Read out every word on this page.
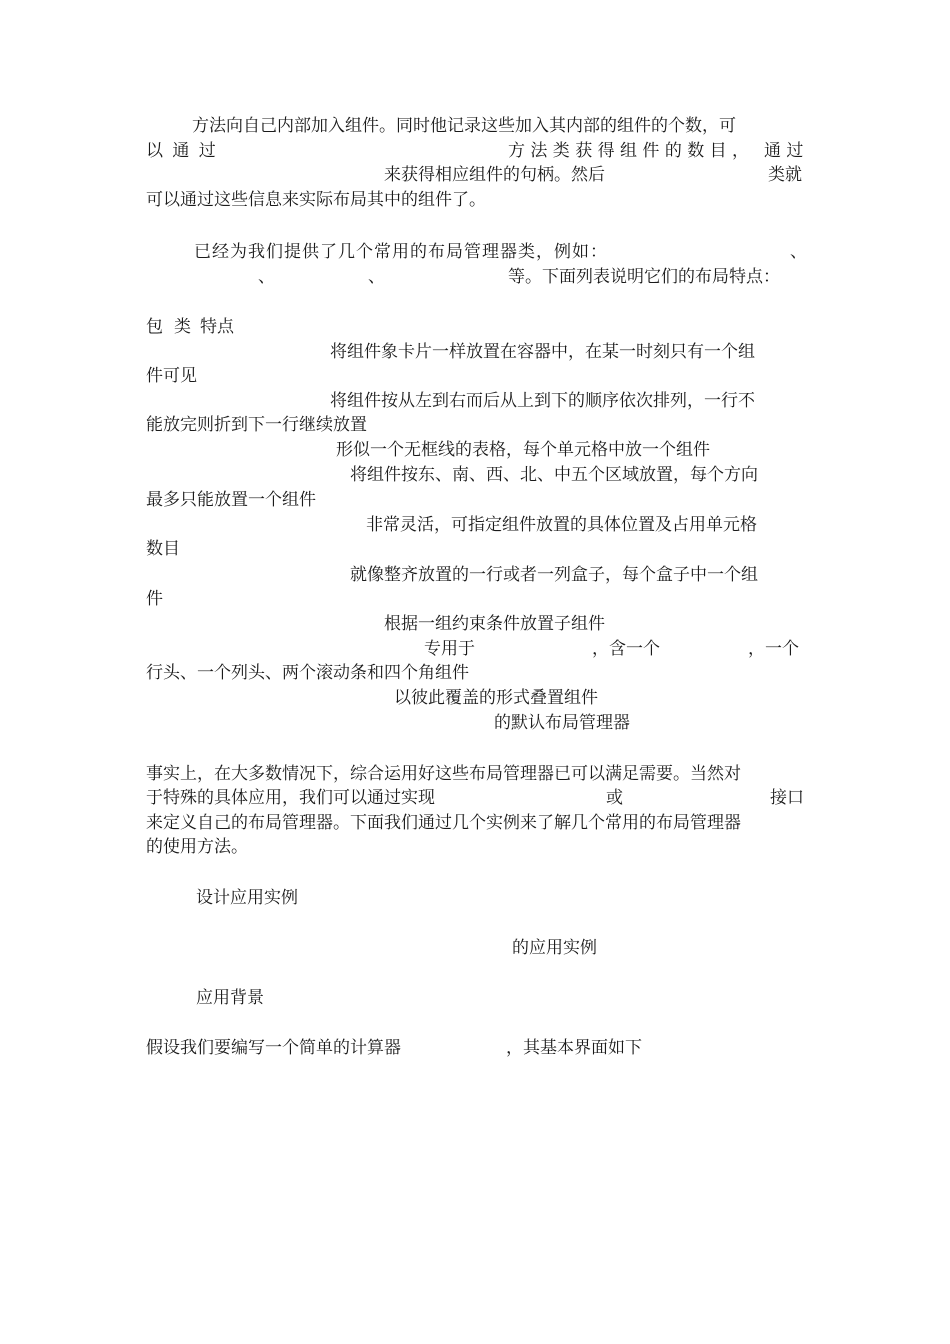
方法向自己内部加入组件。同时他记录这些加入其内部的组件的个数，可
以 通 过	方 法 类 获 得 组 件 的 数 目 ， 通 过
来获得相应组件的句柄。然后	类就
可以通过这些信息来实际布局其中的组件了。
已经为我们提供了几个常用的布局管理器类，例如：	、
、	、	等。下面列表说明它们的布局特点：
包 类 特点
将组件象卡片一样放置在容器中，在某一时刻只有一个组
件可见
将组件按从左到右而后从上到下的顺序依次排列，一行不
能放完则折到下一行继续放置
形似一个无框线的表格，每个单元格中放一个组件
将组件按东、南、西、北、中五个区域放置，每个方向
最多只能放置一个组件
非常灵活，可指定组件放置的具体位置及占用单元格
数目
就像整齐放置的一行或者一列盒子，每个盒子中一个组
件
根据一组约束条件放置子组件
专用于	，含一个	，一个
行头、一个列头、两个滚动条和四个角组件
以彼此覆盖的形式叠置组件
的默认布局管理器
事实上，在大多数情况下，综合运用好这些布局管理器已可以满足需要。当然对
于特殊的具体应用，我们可以通过实现	或	接口
来定义自己的布局管理器。下面我们通过几个实例来了解几个常用的布局管理器
的使用方法。
设计应用实例
的应用实例
应用背景
假设我们要编写一个简单的计算器	，其基本界面如下
